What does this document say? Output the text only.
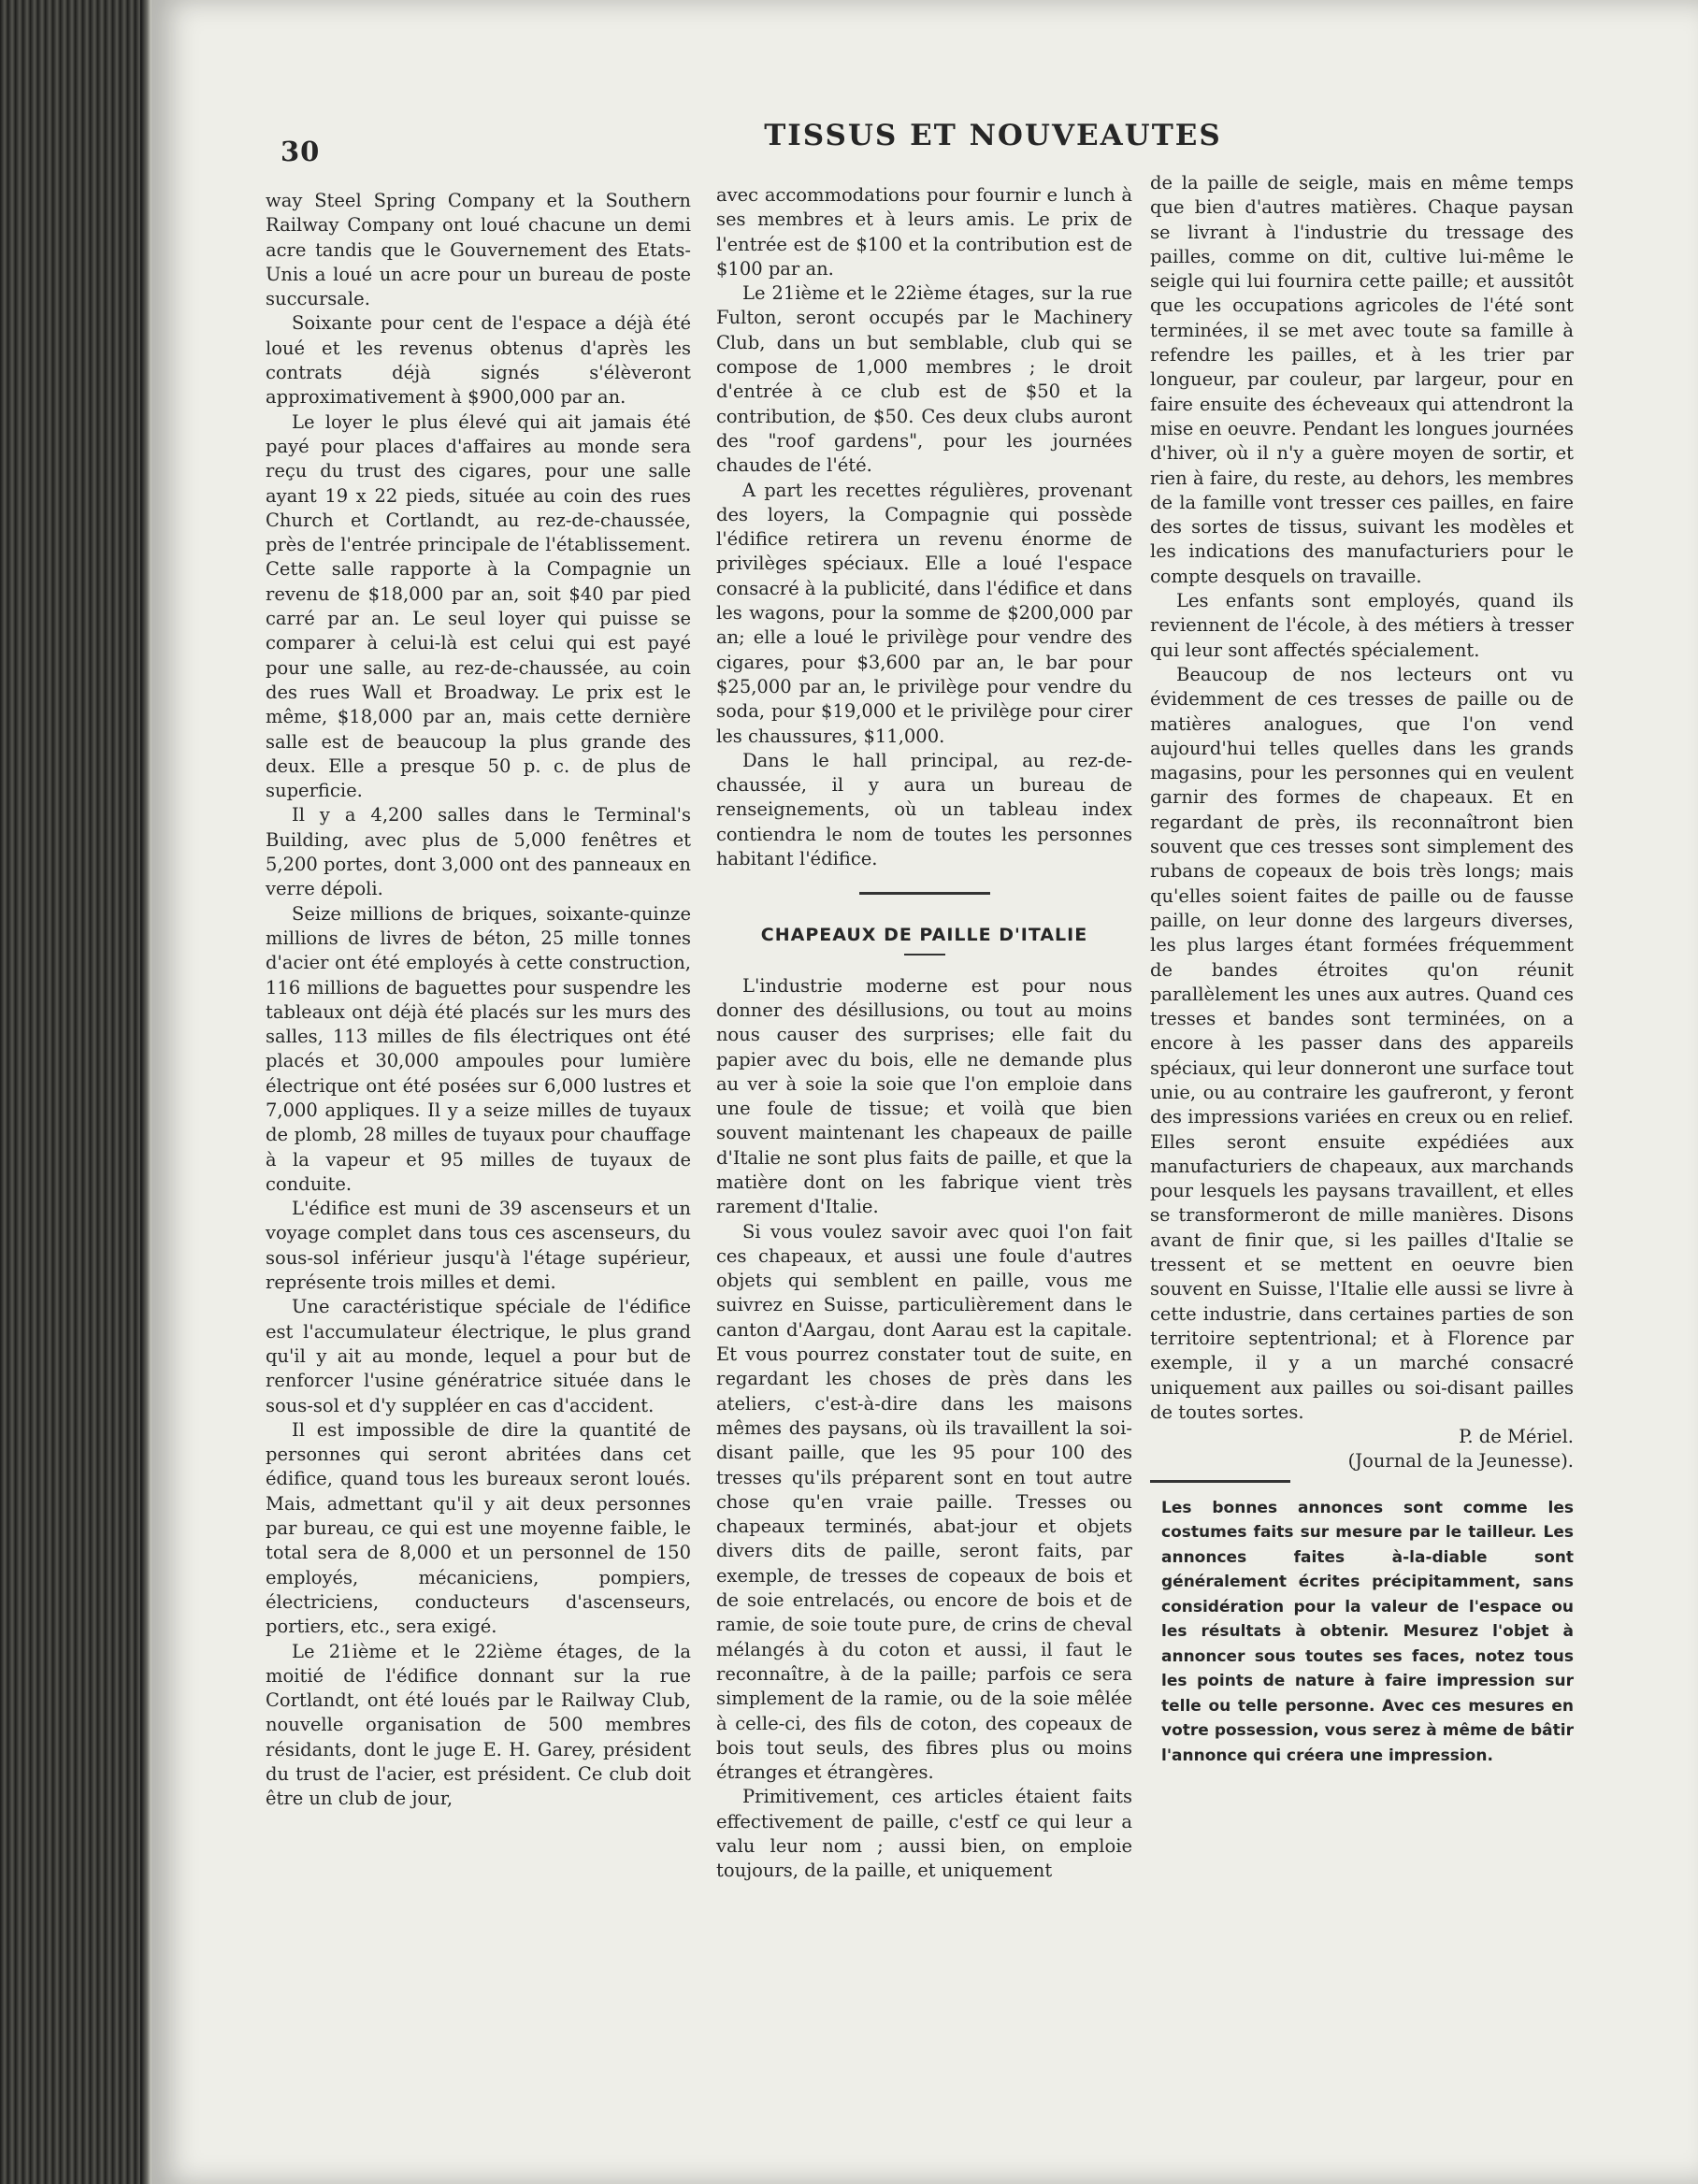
30	TISSUS ET NOUVEAUTES

way Steel Spring Company et la Southern Railway Company ont loué chacune un demi acre tandis que le Gouvernement des Etats-Unis a loué un acre pour un bureau de poste succursale.

Soixante pour cent de l'espace a déjà été loué et les revenus obtenus d'après les contrats déjà signés s'élèveront approximativement à $900,000 par an.

Le loyer le plus élevé qui ait jamais été payé pour places d'affaires au monde sera reçu du trust des cigares, pour une salle ayant 19 x 22 pieds, située au coin des rues Church et Cortlandt, au rez-de-chaussée, près de l'entrée principale de l'établissement. Cette salle rapporte à la Compagnie un revenu de $18,000 par an, soit $40 par pied carré par an. Le seul loyer qui puisse se comparer à celui-là est celui qui est payé pour une salle, au rez-de-chaussée, au coin des rues Wall et Broadway. Le prix est le même, $18,000 par an, mais cette dernière salle est de beaucoup la plus grande des deux. Elle a presque 50 p. c. de plus de superficie.

Il y a 4,200 salles dans le Terminal's Building, avec plus de 5,000 fenêtres et 5,200 portes, dont 3,000 ont des panneaux en verre dépoli.

Seize millions de briques, soixante-quinze millions de livres de béton, 25 mille tonnes d'acier ont été employés à cette construction, 116 millions de baguettes pour suspendre les tableaux ont déjà été placés sur les murs des salles, 113 milles de fils électriques ont été placés et 30,000 ampoules pour lumière électrique ont été posées sur 6,000 lustres et 7,000 appliques. Il y a seize milles de tuyaux de plomb, 28 milles de tuyaux pour chauffage à la vapeur et 95 milles de tuyaux de conduite.

L'édifice est muni de 39 ascenseurs et un voyage complet dans tous ces ascenseurs, du sous-sol inférieur jusqu'à l'étage supérieur, représente trois milles et demi.

Une caractéristique spéciale de l'édifice est l'accumulateur électrique, le plus grand qu'il y ait au monde, lequel a pour but de renforcer l'usine génératrice située dans le sous-sol et d'y suppléer en cas d'accident.

Il est impossible de dire la quantité de personnes qui seront abritées dans cet édifice, quand tous les bureaux seront loués. Mais, admettant qu'il y ait deux personnes par bureau, ce qui est une moyenne faible, le total sera de 8,000 et un personnel de 150 employés, mécaniciens, pompiers, électriciens, conducteurs d'ascenseurs, portiers, etc., sera exigé.

Le 21ième et le 22ième étages, de la moitié de l'édifice donnant sur la rue Cortlandt, ont été loués par le Railway Club, nouvelle organisation de 500 membres résidants, dont le juge E. H. Garey, président du trust de l'acier, est président. Ce club doit être un club de jour,

avec accommodations pour fournir e lunch à ses membres et à leurs amis. Le prix de l'entrée est de $100 et la contribution est de $100 par an.

Le 21ième et le 22ième étages, sur la rue Fulton, seront occupés par le Machinery Club, dans un but semblable, club qui se compose de 1,000 membres ; le droit d'entrée à ce club est de $50 et la contribution, de $50. Ces deux clubs auront des "roof gardens", pour les journées chaudes de l'été.

A part les recettes régulières, provenant des loyers, la Compagnie qui possède l'édifice retirera un revenu énorme de privilèges spéciaux. Elle a loué l'espace consacré à la publicité, dans l'édifice et dans les wagons, pour la somme de $200,000 par an; elle a loué le privilège pour vendre des cigares, pour $3,600 par an, le bar pour $25,000 par an, le privilège pour vendre du soda, pour $19,000 et le privilège pour cirer les chaussures, $11,000.

Dans le hall principal, au rez-de-chaussée, il y aura un bureau de renseignements, où un tableau index contiendra le nom de toutes les personnes habitant l'édifice.

CHAPEAUX DE PAILLE D'ITALIE

L'industrie moderne est pour nous donner des désillusions, ou tout au moins nous causer des surprises; elle fait du papier avec du bois, elle ne demande plus au ver à soie la soie que l'on emploie dans une foule de tissue; et voilà que bien souvent maintenant les chapeaux de paille d'Italie ne sont plus faits de paille, et que la matière dont on les fabrique vient très rarement d'Italie.

Si vous voulez savoir avec quoi l'on fait ces chapeaux, et aussi une foule d'autres objets qui semblent en paille, vous me suivrez en Suisse, particulièrement dans le canton d'Aargau, dont Aarau est la capitale. Et vous pourrez constater tout de suite, en regardant les choses de près dans les ateliers, c'est-à-dire dans les maisons mêmes des paysans, où ils travaillent la soi-disant paille, que les 95 pour 100 des tresses qu'ils préparent sont en tout autre chose qu'en vraie paille. Tresses ou chapeaux terminés, abat-jour et objets divers dits de paille, seront faits, par exemple, de tresses de copeaux de bois et de soie entrelacés, ou encore de bois et de ramie, de soie toute pure, de crins de cheval mélangés à du coton et aussi, il faut le reconnaître, à de la paille; parfois ce sera simplement de la ramie, ou de la soie mêlée à celle-ci, des fils de coton, des copeaux de bois tout seuls, des fibres plus ou moins étranges et étrangères.

Primitivement, ces articles étaient faits effectivement de paille, c'estf ce qui leur a valu leur nom ; aussi bien, on emploie toujours, de la paille, et uniquement

de la paille de seigle, mais en même temps que bien d'autres matières. Chaque paysan se livrant à l'industrie du tressage des pailles, comme on dit, cultive lui-même le seigle qui lui fournira cette paille; et aussitôt que les occupations agricoles de l'été sont terminées, il se met avec toute sa famille à refendre les pailles, et à les trier par longueur, par couleur, par largeur, pour en faire ensuite des écheveaux qui attendront la mise en oeuvre. Pendant les longues journées d'hiver, où il n'y a guère moyen de sortir, et rien à faire, du reste, au dehors, les membres de la famille vont tresser ces pailles, en faire des sortes de tissus, suivant les modèles et les indications des manufacturiers pour le compte desquels on travaille.

Les enfants sont employés, quand ils reviennent de l'école, à des métiers à tresser qui leur sont affectés spécialement.

Beaucoup de nos lecteurs ont vu évidemment de ces tresses de paille ou de matières analogues, que l'on vend aujourd'hui telles quelles dans les grands magasins, pour les personnes qui en veulent garnir des formes de chapeaux. Et en regardant de près, ils reconnaîtront bien souvent que ces tresses sont simplement des rubans de copeaux de bois très longs; mais qu'elles soient faites de paille ou de fausse paille, on leur donne des largeurs diverses, les plus larges étant formées fréquemment de bandes étroites qu'on réunit parallèlement les unes aux autres. Quand ces tresses et bandes sont terminées, on a encore à les passer dans des appareils spéciaux, qui leur donneront une surface tout unie, ou au contraire les gaufreront, y feront des impressions variées en creux ou en relief. Elles seront ensuite expédiées aux manufacturiers de chapeaux, aux marchands pour lesquels les paysans travaillent, et elles se transformeront de mille manières. Disons avant de finir que, si les pailles d'Italie se tressent et se mettent en oeuvre bien souvent en Suisse, l'Italie elle aussi se livre à cette industrie, dans certaines parties de son territoire septentrional; et à Florence par exemple, il y a un marché consacré uniquement aux pailles ou soi-disant pailles de toutes sortes.

P. de Mériel.

(Journal de la Jeunesse).

Les bonnes annonces sont comme les costumes faits sur mesure par le tailleur. Les annonces faites à-la-diable sont généralement écrites précipitamment, sans considération pour la valeur de l'espace ou les résultats à obtenir. Mesurez l'objet à annoncer sous toutes ses faces, notez tous les points de nature à faire impression sur telle ou telle personne. Avec ces mesures en votre possession, vous serez à même de bâtir l'annonce qui créera une impression.
